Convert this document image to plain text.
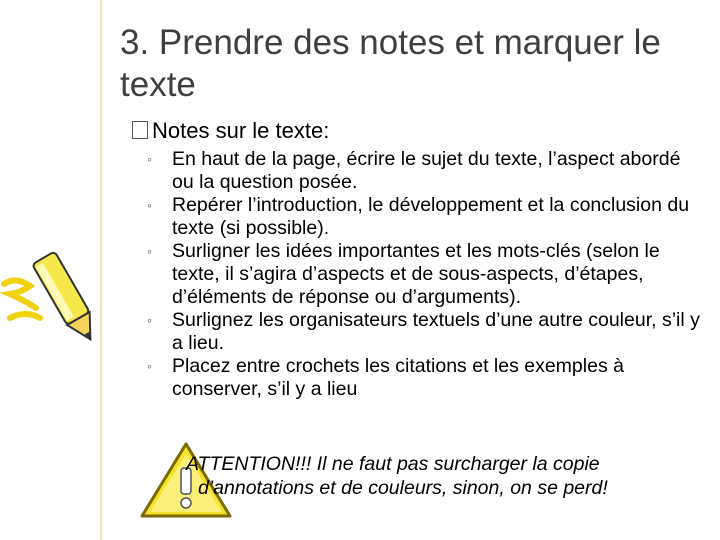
3. Prendre des notes et marquer le texte
Notes sur le texte:
◦ En haut de la page, écrire le sujet du texte, l’aspect abordé ou la question posée.
◦ Repérer l’introduction, le développement et la conclusion du texte (si possible).
◦ Surligner les idées importantes et les mots-clés (selon le texte, il s’agira d’aspects et de sous-aspects, d’étapes, d’éléments de réponse ou d’arguments).
◦ Surlignez les organisateurs textuels d’une autre couleur, s’il y a lieu.
◦ Placez entre crochets les citations et les exemples à conserver, s’il y a lieu

ATTENTION!!! Il ne faut pas surcharger la copie d’annotations et de couleurs, sinon, on se perd!
